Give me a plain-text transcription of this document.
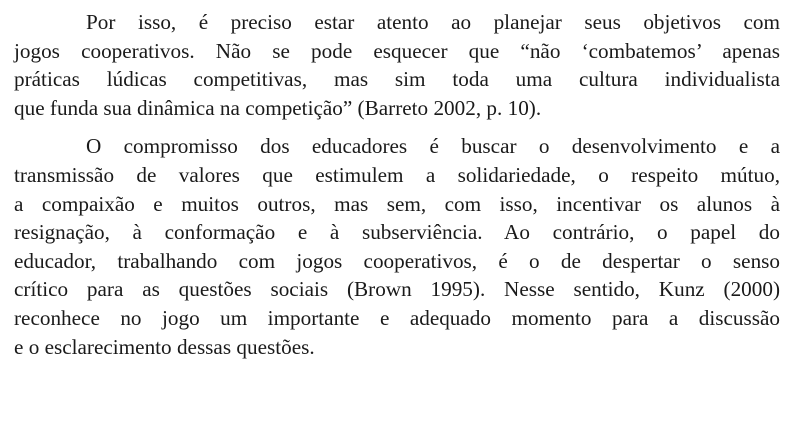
Por isso, é preciso estar atento ao planejar seus objetivos com
jogos cooperativos. Não se pode esquecer que “não ‘combatemos’ apenas
práticas lúdicas competitivas, mas sim toda uma cultura individualista
que funda sua dinâmica na competição” (Barreto 2002, p. 10).

O compromisso dos educadores é buscar o desenvolvimento e a
transmissão de valores que estimulem a solidariedade, o respeito mútuo,
a compaixão e muitos outros, mas sem, com isso, incentivar os alunos à
resignação, à conformação e à subserviência. Ao contrário, o papel do
educador, trabalhando com jogos cooperativos, é o de despertar o senso
crítico para as questões sociais (Brown 1995). Nesse sentido, Kunz (2000)
reconhece no jogo um importante e adequado momento para a discussão
e o esclarecimento dessas questões.
